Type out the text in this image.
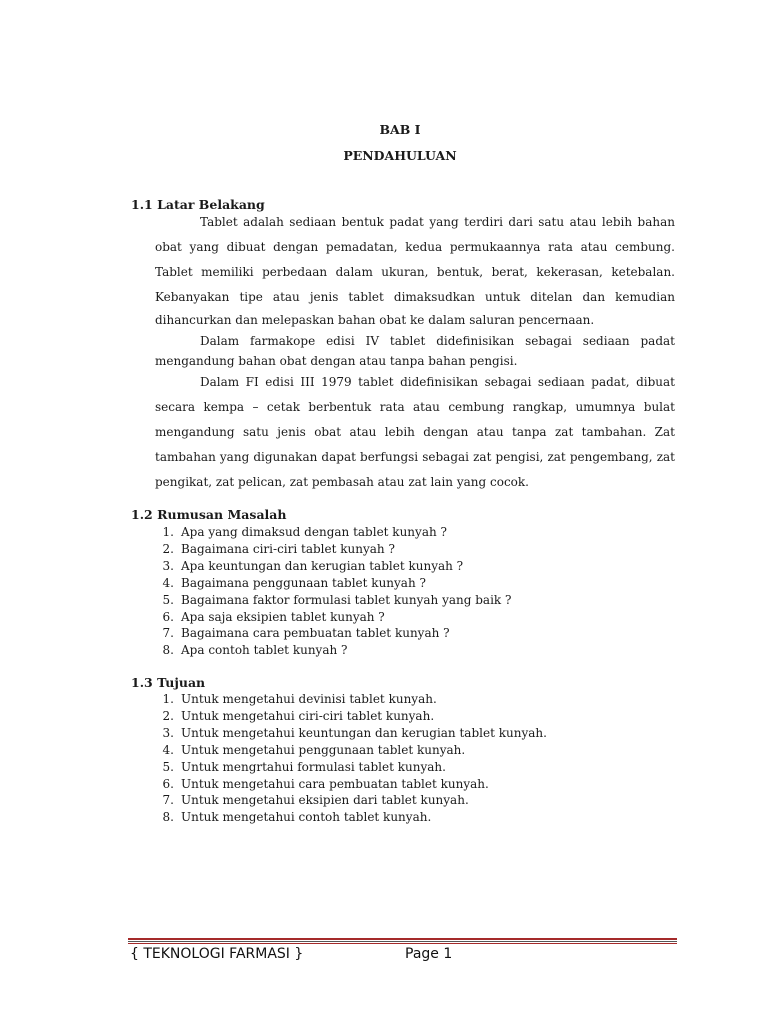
BAB I
PENDAHULUAN
1.1 Latar Belakang
Tablet adalah sediaan bentuk padat yang terdiri dari satu atau lebih bahan
obat yang dibuat dengan pemadatan, kedua permukaannya rata atau cembung.
Tablet memiliki perbedaan dalam ukuran, bentuk, berat, kekerasan, ketebalan.
Kebanyakan tipe atau jenis tablet dimaksudkan untuk ditelan dan kemudian
dihancurkan dan melepaskan bahan obat ke dalam saluran pencernaan.
Dalam farmakope edisi IV tablet didefinisikan sebagai sediaan padat
mengandung bahan obat dengan atau tanpa bahan pengisi.
Dalam FI edisi III 1979 tablet didefinisikan sebagai sediaan padat, dibuat
secara kempa – cetak berbentuk rata atau cembung rangkap, umumnya bulat
mengandung satu jenis obat atau lebih dengan atau tanpa zat tambahan. Zat
tambahan yang digunakan dapat berfungsi sebagai zat pengisi, zat pengembang, zat
pengikat, zat pelican, zat pembasah atau zat lain yang cocok.
1.2 Rumusan Masalah
1. Apa yang dimaksud dengan tablet kunyah ?
2. Bagaimana ciri-ciri tablet kunyah ?
3. Apa keuntungan dan kerugian tablet kunyah ?
4. Bagaimana penggunaan tablet kunyah ?
5. Bagaimana faktor formulasi tablet kunyah yang baik ?
6. Apa saja eksipien tablet kunyah ?
7. Bagaimana cara pembuatan tablet kunyah ?
8. Apa contoh tablet kunyah ?
1.3 Tujuan
1. Untuk mengetahui devinisi tablet kunyah.
2. Untuk mengetahui ciri-ciri tablet kunyah.
3. Untuk mengetahui keuntungan dan kerugian tablet kunyah.
4. Untuk mengetahui penggunaan tablet kunyah.
5. Untuk mengrtahui formulasi tablet kunyah.
6. Untuk mengetahui cara pembuatan tablet kunyah.
7. Untuk mengetahui eksipien dari tablet kunyah.
8. Untuk mengetahui contoh tablet kunyah.
{ TEKNOLOGI FARMASI }	Page 1
